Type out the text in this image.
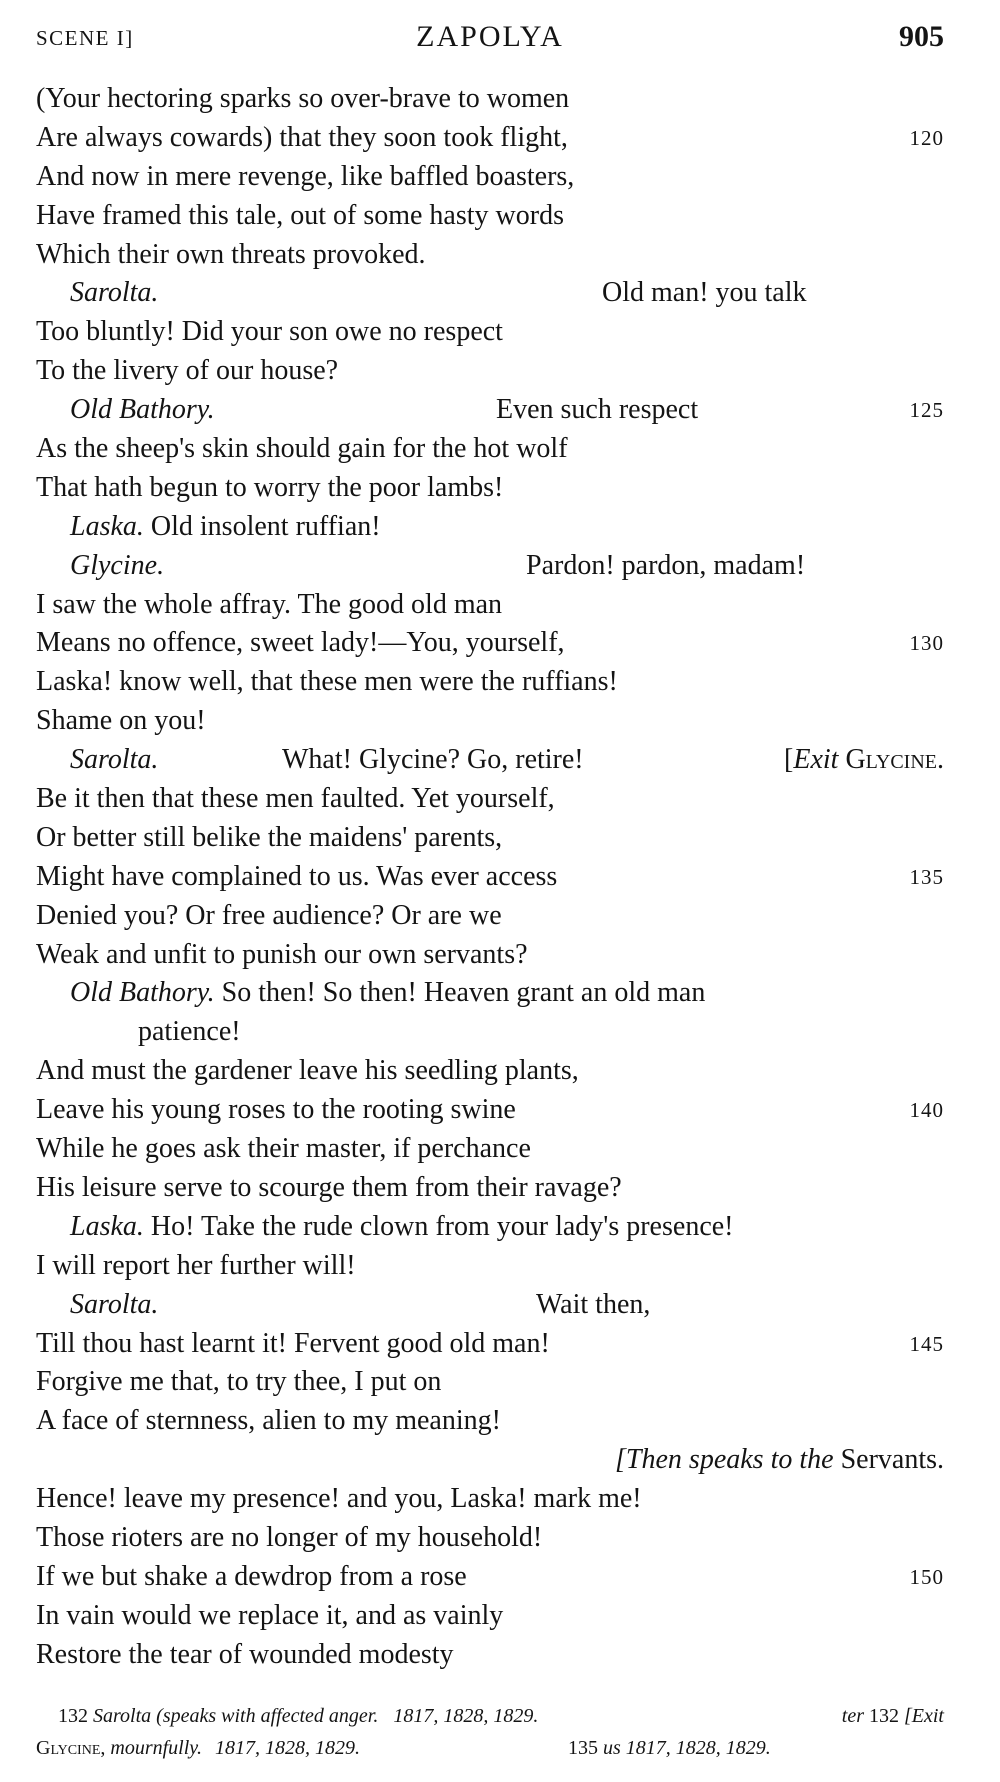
SCENE I]	ZAPOLYA	905
(Your hectoring sparks so over-brave to women
Are always cowards) that they soon took flight,	120
And now in mere revenge, like baffled boasters,
Have framed this tale, out of some hasty words
Which their own threats provoked.
Sarolta.	Old man! you talk
Too bluntly! Did your son owe no respect
To the livery of our house?
Old Bathory.	Even such respect	125
As the sheep's skin should gain for the hot wolf
That hath begun to worry the poor lambs!
Laska. Old insolent ruffian!
Glycine.	Pardon! pardon, madam!
I saw the whole affray. The good old man
Means no offence, sweet lady!—You, yourself,	130
Laska! know well, that these men were the ruffians!
Shame on you!
Sarolta.	What! Glycine? Go, retire!	[Exit Glycine.
Be it then that these men faulted. Yet yourself,
Or better still belike the maidens' parents,
Might have complained to us. Was ever access	135
Denied you? Or free audience? Or are we
Weak and unfit to punish our own servants?
Old Bathory. So then! So then! Heaven grant an old man
patience!
And must the gardener leave his seedling plants,
Leave his young roses to the rooting swine	140
While he goes ask their master, if perchance
His leisure serve to scourge them from their ravage?
Laska. Ho! Take the rude clown from your lady's presence!
I will report her further will!
Sarolta.	Wait then,
Till thou hast learnt it! Fervent good old man!	145
Forgive me that, to try thee, I put on
A face of sternness, alien to my meaning!
[Then speaks to the Servants.
Hence! leave my presence! and you, Laska! mark me!
Those rioters are no longer of my household!
If we but shake a dewdrop from a rose	150
In vain would we replace it, and as vainly
Restore the tear of wounded modesty
132 Sarolta (speaks with affected anger. 1817, 1828, 1829.	ter 132 [Exit
Glycine, mournfully. 1817, 1828, 1829.	135 us 1817, 1828, 1829.
